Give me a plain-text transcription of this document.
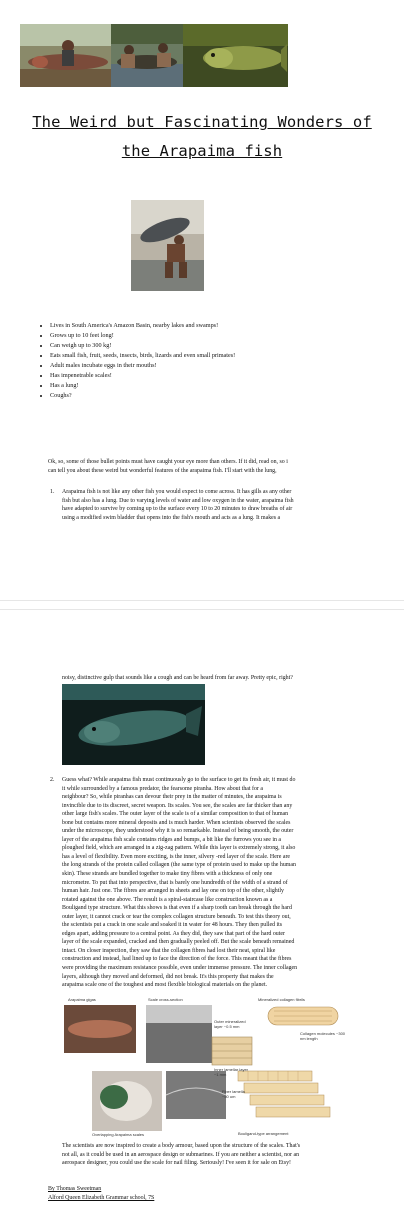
The Weird but Fascinating Wonders of
the Arapaima fish
• Lives in South America's Amazon Basin, nearby lakes and swamps!
• Grows up to 10 feet long!
• Can weigh up to 300 kg!
• Eats small fish, fruit, seeds, insects, birds, lizards and even small primates!
• Adult males incubate eggs in their mouths!
• Has impenetrable scales!
• Has a lung!
• Coughs?
Ok, so, some of those bullet points must have caught your eye more than others. If it did, read on, so i
can tell you about these weird but wonderful features of the arapaima fish. I'll start with the lung,
1. Arapaima fish is not like any other fish you would expect to come across. It has gills as any other
fish but also has a lung. Due to varying levels of water and low oxygen in the water, arapaima fish
have adapted to survive by coming up to the surface every 10 to 20 minutes to draw breaths of air
using a modified swim bladder that opens into the fish's mouth and acts as a lung. It makes a
noisy, distinctive gulp that sounds like a cough and can be heard from far away. Pretty epic, right?
2. Guess what? While arapaima fish must continuously go to the surface to get its fresh air, it must do
it while surrounded by a famous predator, the fearsome piranha. How about that for a
neighbour? So, while piranhas can devour their prey in the matter of minutes, the arapaima is
invincible due to its discreet, secret weapon. Its scales. You see, the scales are far thicker than any
other large fish's scales. The outer layer of the scale is of a similar composition to that of human
bone but contains more mineral deposits and is much harder. When scientists observed the scales
under the microscope, they understood why it is so remarkable. Instead of being smooth, the outer
layer of the arapaima fish scale contains ridges and bumps, a bit like the furrows you see in a
ploughed field, which are arranged in a zig-zag pattern. While this layer is extremely strong, it also
has a level of flexibility. Even more exciting, is the inner, silvery -red layer of the scale. Here are
the long strands of the protein called collagen (the same type of protein used to make up the human
skin). These strands are bundled together to make tiny fibres with a thickness of only one
micrometre. To put that into perspective, that is barely one hundredth of the width of a strand of
human hair. Just one. The fibres are arranged in sheets and lay one on top of the other, slightly
rotated against the one above. The result is a spiral-staircase like construction known as a
Bouligand type structure. What this shows is that even if a sharp tooth can break through the hard
outer layer, it cannot crack or tear the complex collagen structure beneath. To test this theory out,
the scientists put a crack in one scale and soaked it in water for 48 hours. They then pulled its
edges apart, adding pressure to a central point. As they did, they saw that part of the hard outer
layer of the scale expanded, cracked and then gradually peeled off. But the scale beneath remained
intact. On closer inspection, they saw that the collagen fibres had lost their neat, spiral like
construction and instead, had lined up to face the direction of the force. This meant that the fibres
were providing the maximum resistance possible, even under immense pressure. The inner collagen
layers, although they moved and deformed, did not break. It's this property that makes the
arapaima scale one of the toughest and most flexible biological materials on the planet.
Arapaima gigas	Scale cross-section	Mineralized collagen fibrils
Outer mineralized layer ~0.5 mm
Inner lamellar layer ~1 mm
Collagen molecules ~300 nm length
Fiber lamella ~50 um
Overlapping Arapaima scales	Bouligand-type arrangement
The scientists are now inspired to create a body armour, based upon the structure of the scales. That's
not all, as it could be used in an aerospace design or submarines. If you are neither a scientist, nor an
aerospace designer, you could use the scale for nail filing. Seriously! I've seen it for sale on Etsy!
By Thomas Sweetman
Alford Queen Elizabeth Grammar school, 7S
